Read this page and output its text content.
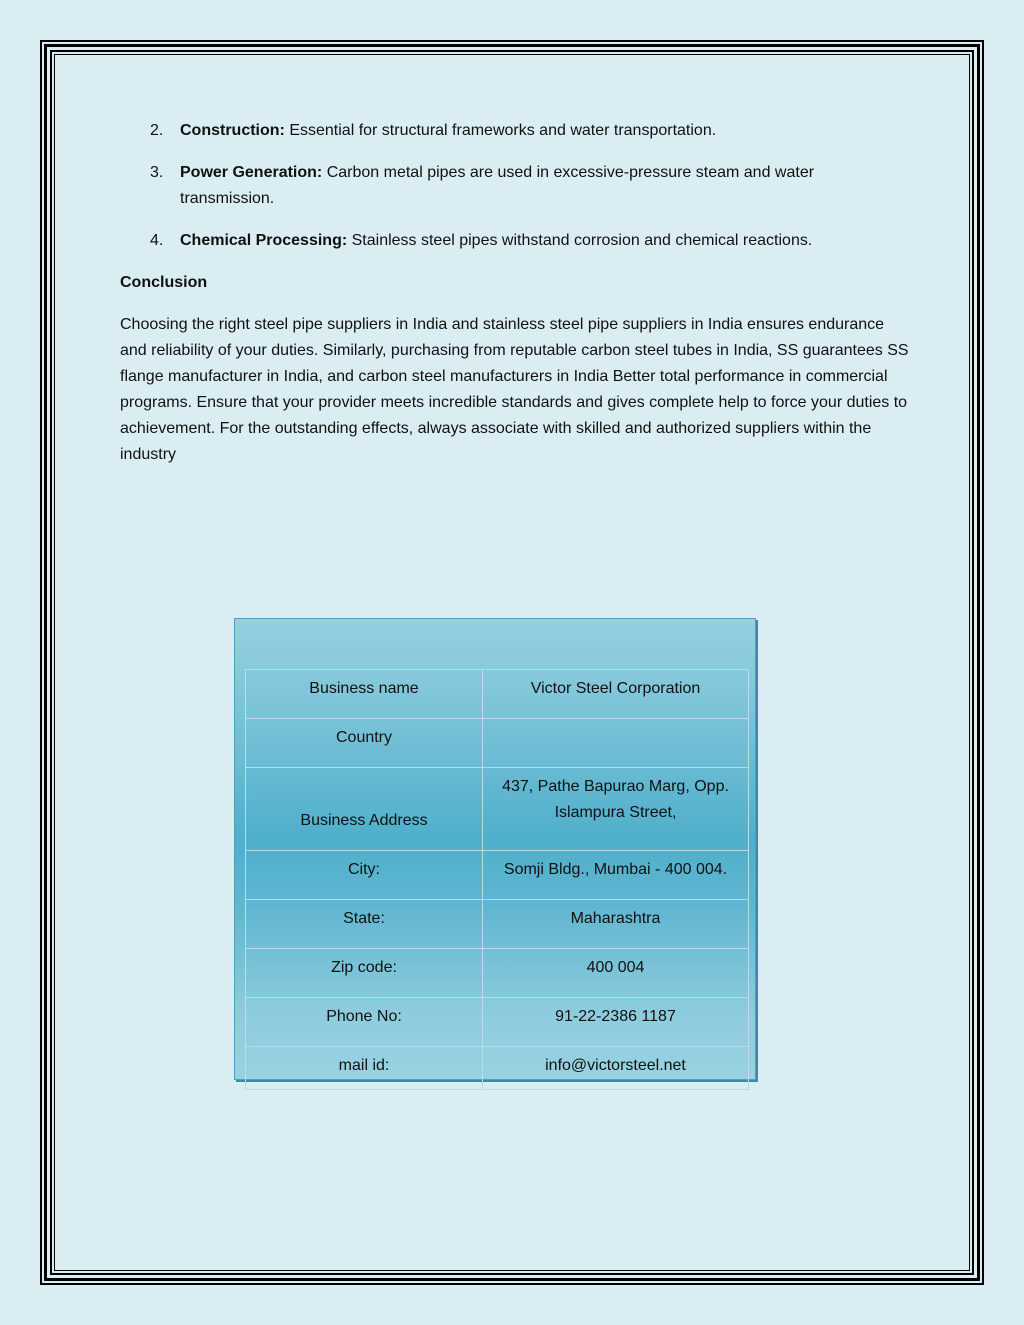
2. Construction: Essential for structural frameworks and water transportation.
3. Power Generation: Carbon metal pipes are used in excessive-pressure steam and water transmission.
4. Chemical Processing: Stainless steel pipes withstand corrosion and chemical reactions.

Conclusion

Choosing the right steel pipe suppliers in India and stainless steel pipe suppliers in India ensures endurance and reliability of your duties. Similarly, purchasing from reputable carbon steel tubes in India, SS guarantees SS flange manufacturer in India, and carbon steel manufacturers in India Better total performance in commercial programs. Ensure that your provider meets incredible standards and gives complete help to force your duties to achievement. For the outstanding effects, always associate with skilled and authorized suppliers within the industry

Business name	Victor Steel Corporation
Country	
Business Address	437, Pathe Bapurao Marg, Opp. Islampura Street,
City:	Somji Bldg., Mumbai - 400 004.
State:	Maharashtra
Zip code:	400 004
Phone No:	91-22-2386 1187
mail id:	info@victorsteel.net
